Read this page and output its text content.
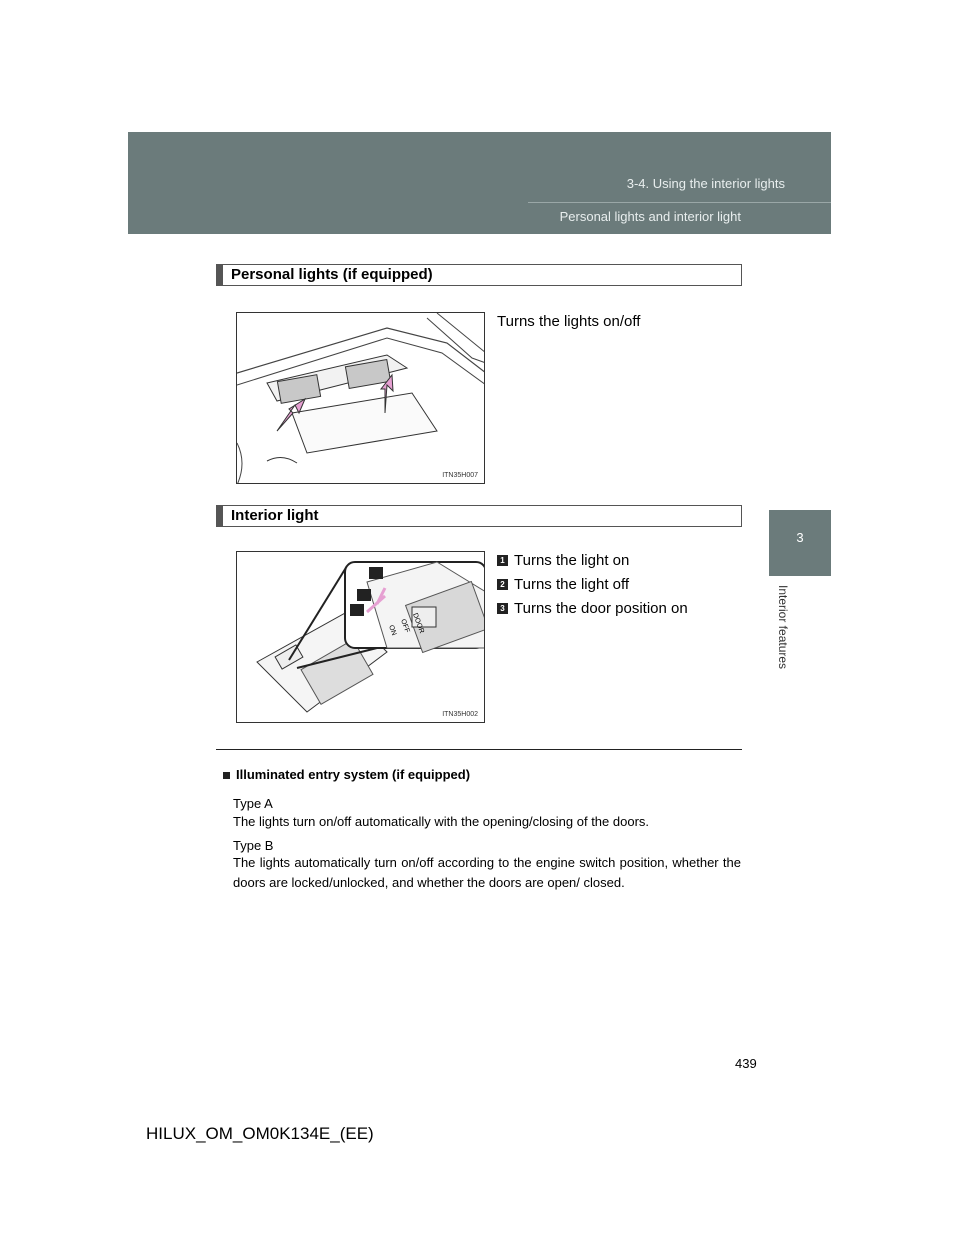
3-4. Using the interior lights
Personal lights and interior light
3
Interior features
Personal lights (if equipped)
ITN35H007
Turns the lights on/off
Interior light
ON OFF DOOR
ITN35H002
1 Turns the light on
2 Turns the light off
3 Turns the door position on
Illuminated entry system (if equipped)
Type A
The lights turn on/off automatically with the opening/closing of the doors.
Type B
The lights automatically turn on/off according to the engine switch position, whether the doors are locked/unlocked, and whether the doors are open/ closed.
439
HILUX_OM_OM0K134E_(EE)
